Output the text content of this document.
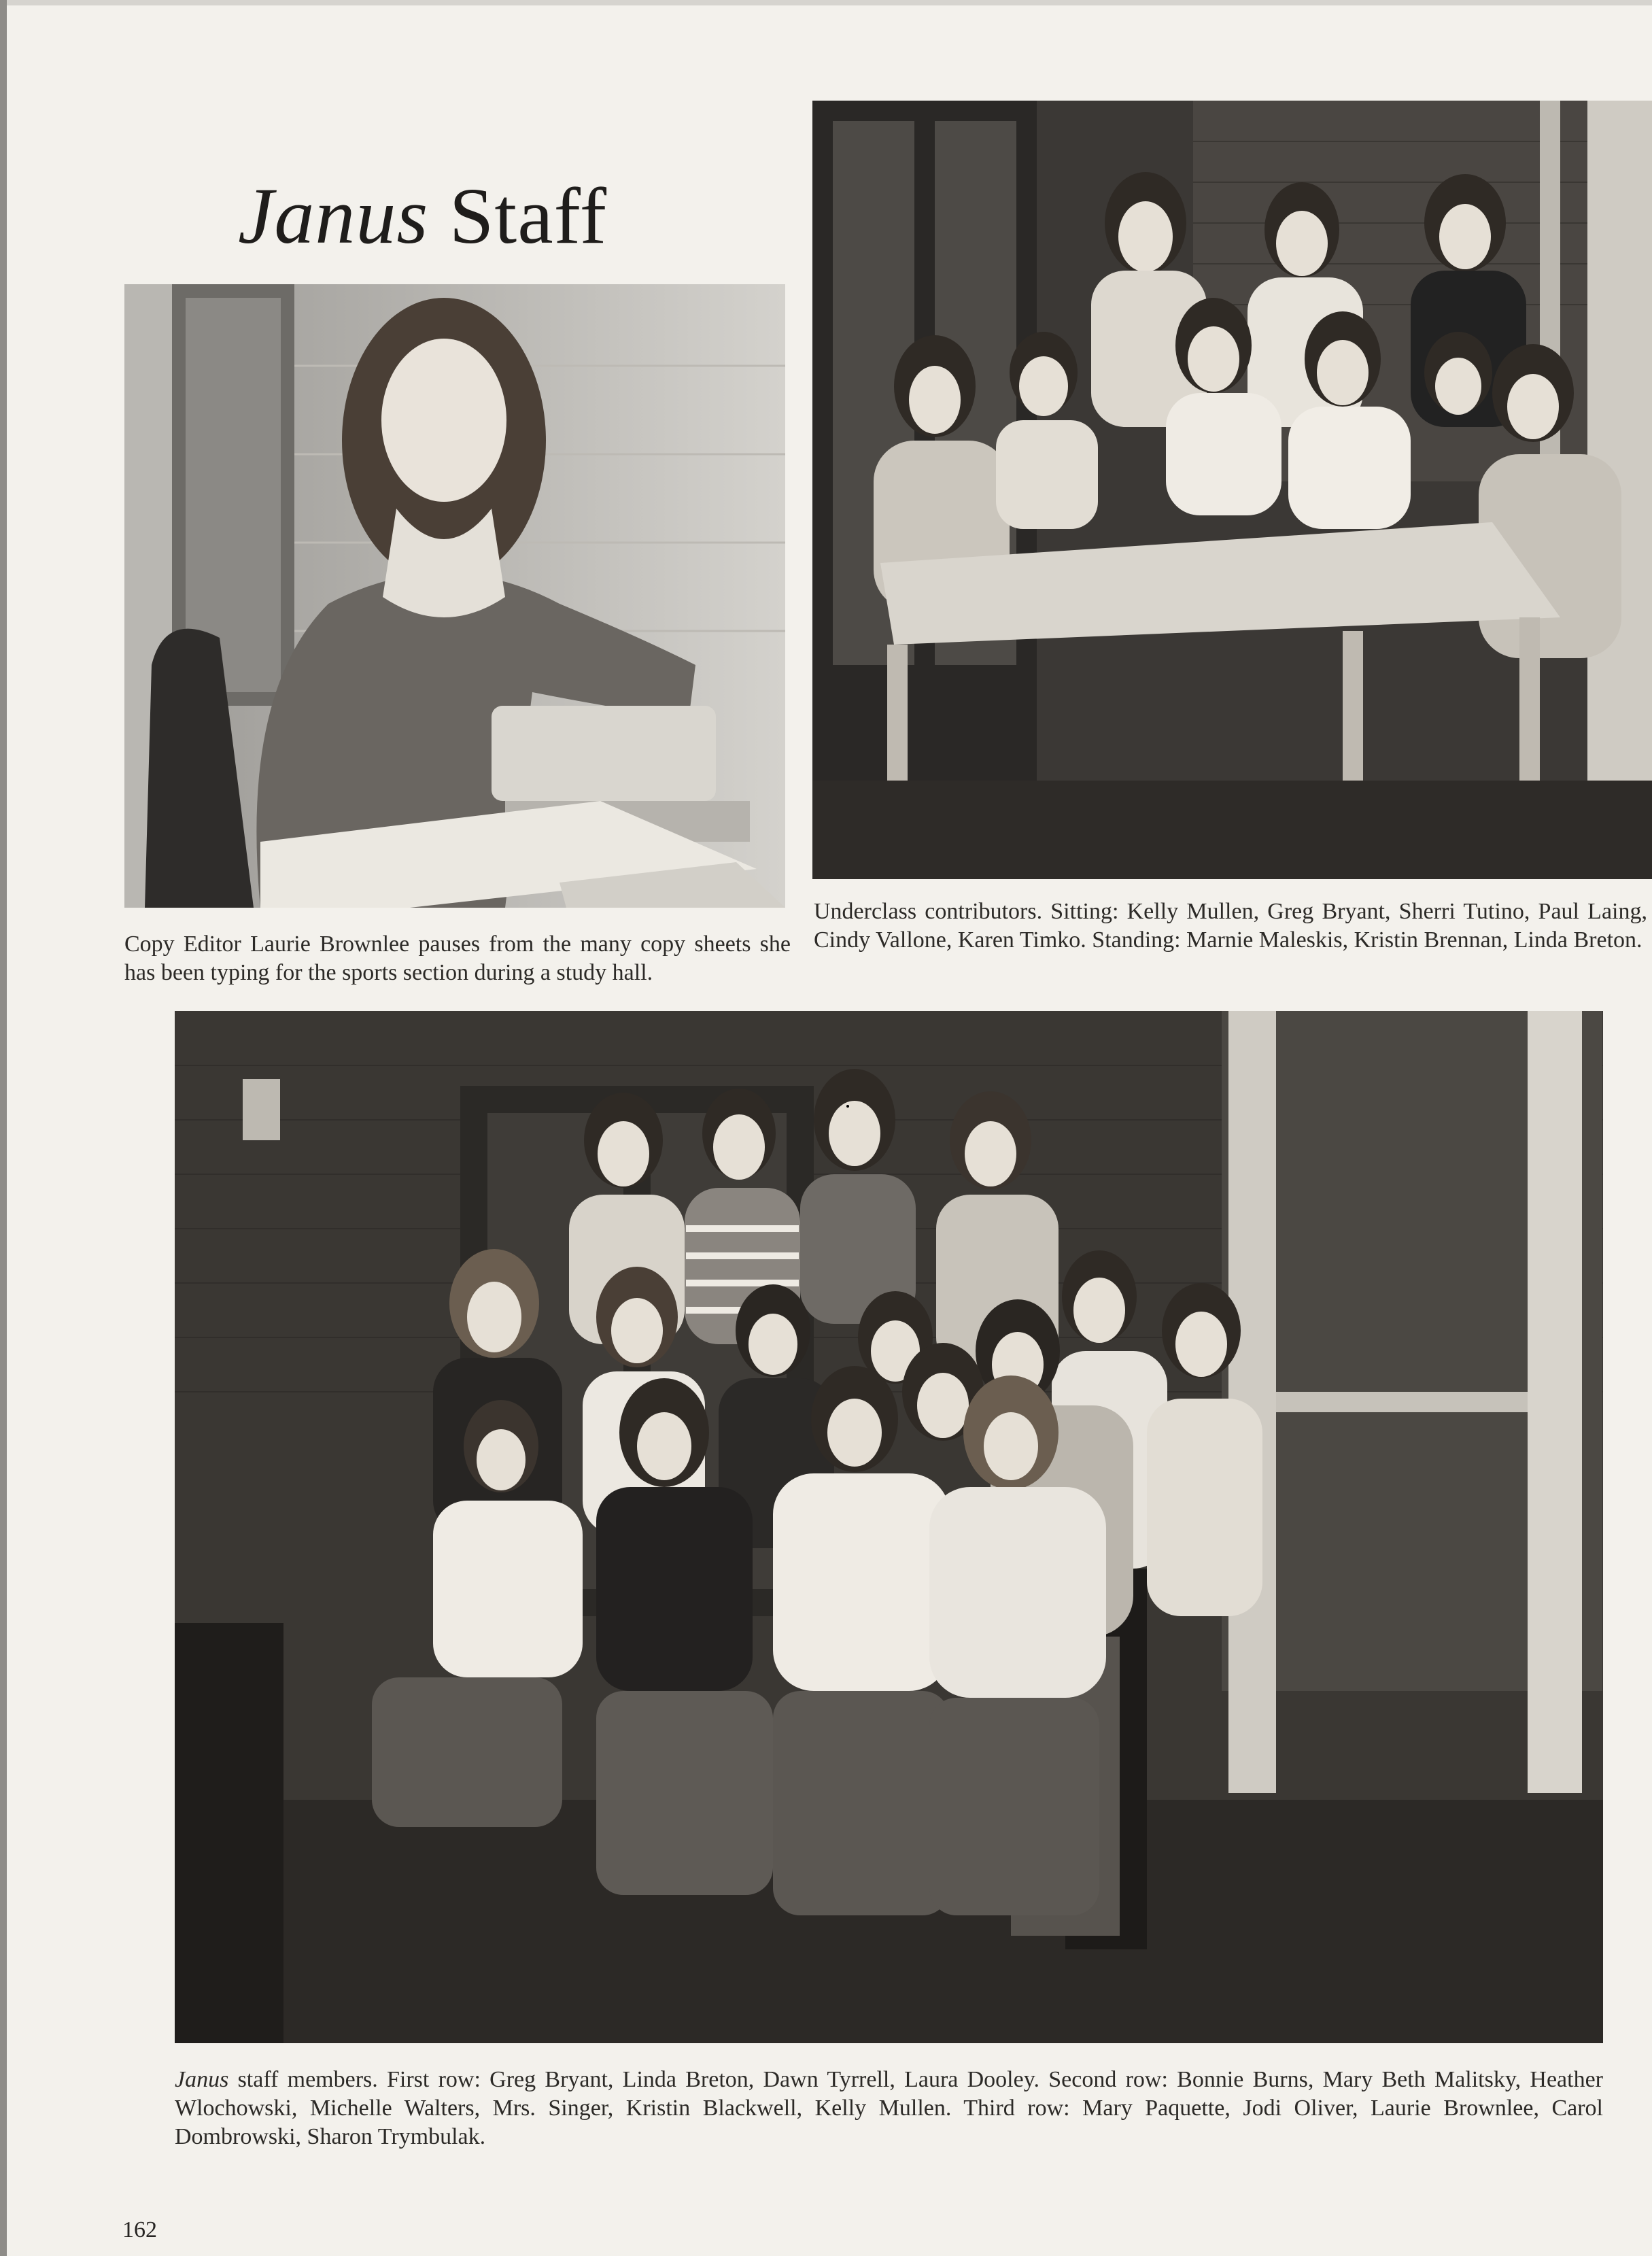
Janus Staff
Copy Editor Laurie Brownlee pauses from the many copy sheets she has been typing for the sports section during a study hall.
Underclass contributors. Sitting: Kelly Mullen, Greg Bryant, Sherri Tutino, Paul Laing, Cindy Vallone, Karen Timko. Standing: Marnie Maleskis, Kristin Brennan, Linda Breton.
Janus staff members. First row: Greg Bryant, Linda Breton, Dawn Tyrrell, Laura Dooley. Second row: Bonnie Burns, Mary Beth Malitsky, Heather Wlochowski, Michelle Walters, Mrs. Singer, Kristin Blackwell, Kelly Mullen. Third row: Mary Paquette, Jodi Oliver, Laurie Brownlee, Carol Dombrowski, Sharon Trymbulak.
162
